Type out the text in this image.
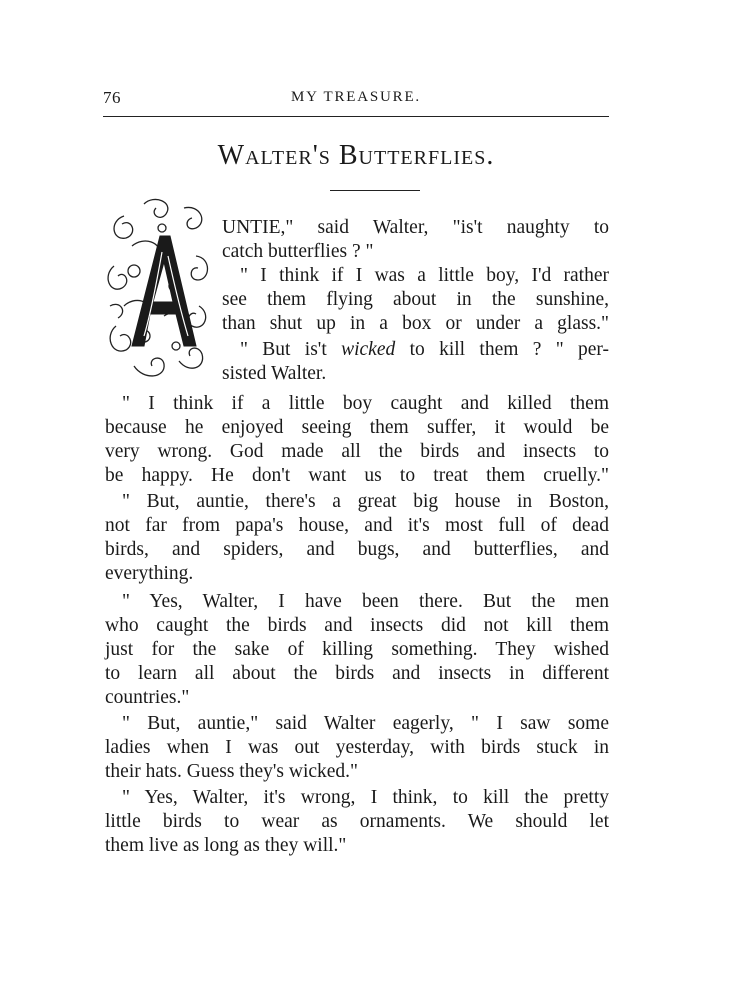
76	MY TREASURE.
Walter's Butterflies.
UNTIE," said Walter, "is't naughty to
catch butterflies ? "
" I think if I was a little boy, I'd rather
see them flying about in the sunshine,
than shut up in a box or under a glass."
" But is't wicked to kill them ? " per-
sisted Walter.
" I think if a little boy caught and killed them
because he enjoyed seeing them suffer, it would be
very wrong. God made all the birds and insects to
be happy. He don't want us to treat them cruelly."
" But, auntie, there's a great big house in Boston,
not far from papa's house, and it's most full of dead
birds, and spiders, and bugs, and butterflies, and
everything.
" Yes, Walter, I have been there. But the men
who caught the birds and insects did not kill them
just for the sake of killing something. They wished
to learn all about the birds and insects in different
countries."
" But, auntie," said Walter eagerly, " I saw some
ladies when I was out yesterday, with birds stuck in
their hats. Guess they's wicked."
" Yes, Walter, it's wrong, I think, to kill the pretty
little birds to wear as ornaments. We should let
them live as long as they will."
